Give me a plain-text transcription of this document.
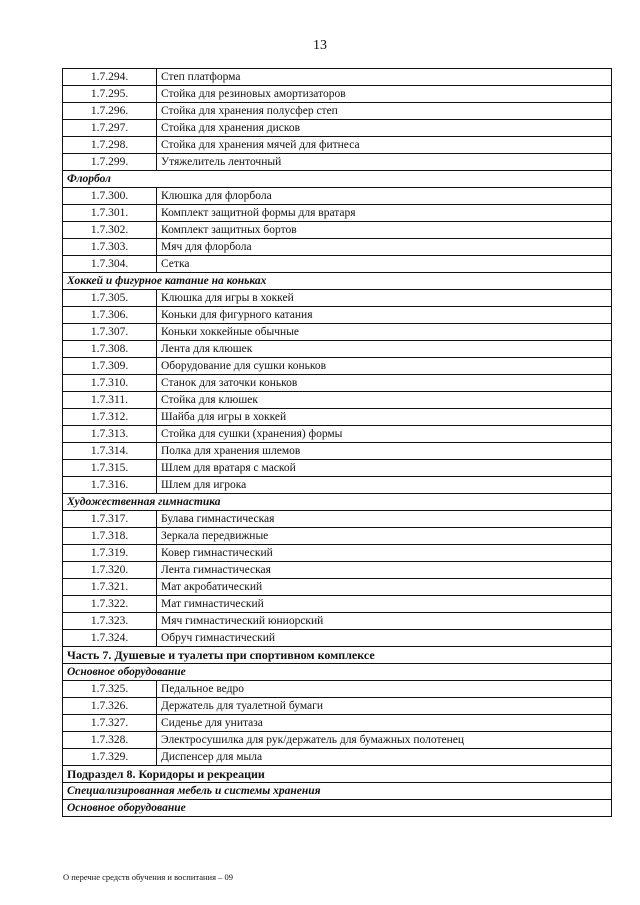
13
1.7.294.	Степ платформа
1.7.295.	Стойка для резиновых амортизаторов
1.7.296.	Стойка для хранения полусфер степ
1.7.297.	Стойка для хранения дисков
1.7.298.	Стойка для хранения мячей для фитнеса
1.7.299.	Утяжелитель ленточный
Флорбол	
1.7.300.	Клюшка для флорбола
1.7.301.	Комплект защитной формы для вратаря
1.7.302.	Комплект защитных бортов
1.7.303.	Мяч для флорбола
1.7.304.	Сетка
Хоккей и фигурное катание на коньках	
1.7.305.	Клюшка для игры в хоккей
1.7.306.	Коньки для фигурного катания
1.7.307.	Коньки хоккейные обычные
1.7.308.	Лента для клюшек
1.7.309.	Оборудование для сушки коньков
1.7.310.	Станок для заточки коньков
1.7.311.	Стойка для клюшек
1.7.312.	Шайба для игры в хоккей
1.7.313.	Стойка для сушки (хранения) формы
1.7.314.	Полка для хранения шлемов
1.7.315.	Шлем для вратаря с маской
1.7.316.	Шлем для игрока
Художественная гимнастика	
1.7.317.	Булава гимнастическая
1.7.318.	Зеркала передвижные
1.7.319.	Ковер гимнастический
1.7.320.	Лента гимнастическая
1.7.321.	Мат акробатический
1.7.322.	Мат гимнастический
1.7.323.	Мяч гимнастический юниорский
1.7.324.	Обруч гимнастический
Часть 7. Душевые и туалеты при спортивном комплексе	
Основное оборудование	
1.7.325.	Педальное ведро
1.7.326.	Держатель для туалетной бумаги
1.7.327.	Сиденье для унитаза
1.7.328.	Электросушилка для рук/держатель для бумажных полотенец
1.7.329.	Диспенсер для мыла
Подраздел 8. Коридоры и рекреации	
Специализированная мебель и системы хранения	
Основное оборудование	
О перечне средств обучения и воспитания – 09
